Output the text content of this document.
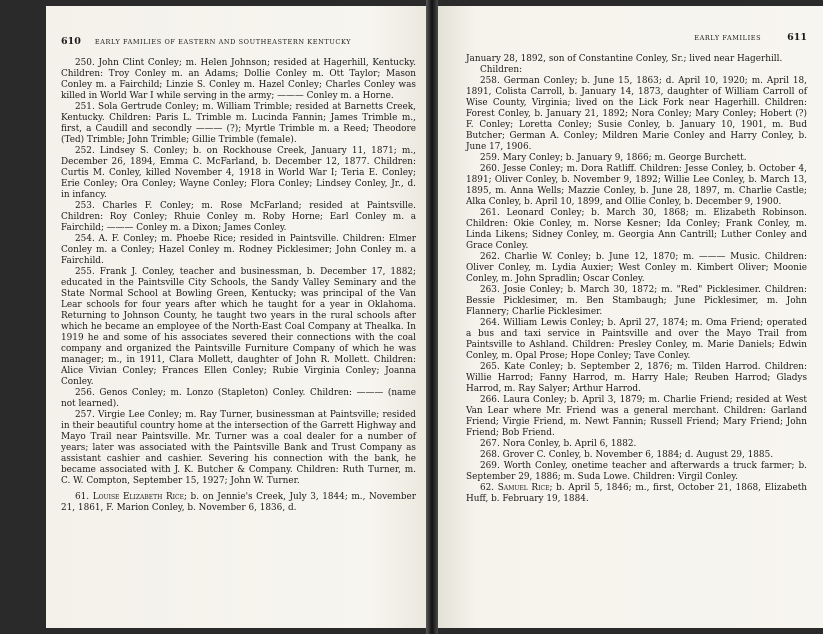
610 EARLY FAMILIES OF EASTERN AND SOUTHEASTERN KENTUCKY

250. John Clint Conley; m. Helen Johnson; resided at Hagerhill, Kentucky. Children: Troy Conley m. an Adams; Dollie Conley m. Ott Taylor; Mason Conley m. a Fairchild; Linzie S. Conley m. Hazel Conley; Charles Conley was killed in World War I while serving in the army; ——— Conley m. a Horne.

251. Sola Gertrude Conley; m. William Trimble; resided at Barnetts Creek, Kentucky. Children: Paris L. Trimble m. Lucinda Fannin; James Trimble m., first, a Caudill and secondly ——— (?); Myrtle Trimble m. a Reed; Theodore (Ted) Trimble; John Trimble; Gillie Trimble (female).

252. Lindsey S. Conley; b. on Rockhouse Creek, January 11, 1871; m., December 26, 1894, Emma C. McFarland, b. December 12, 1877. Children: Curtis M. Conley, killed November 4, 1918 in World War I; Teria E. Conley; Erie Conley; Ora Conley; Wayne Conley; Flora Conley; Lindsey Conley, Jr., d. in infancy.

253. Charles F. Conley; m. Rose McFarland; resided at Paintsville. Children: Roy Conley; Rhuie Conley m. Roby Horne; Earl Conley m. a Fairchild; ——— Conley m. a Dixon; James Conley.

254. A. F. Conley; m. Phoebe Rice; resided in Paintsville. Children: Elmer Conley m. a Conley; Hazel Conley m. Rodney Picklesimer; John Conley m. a Fairchild.

255. Frank J. Conley, teacher and businessman, b. December 17, 1882; educated in the Paintsville City Schools, the Sandy Valley Seminary and the State Normal School at Bowling Green, Kentucky; was principal of the Van Lear schools for four years after which he taught for a year in Oklahoma. Returning to Johnson County, he taught two years in the rural schools after which he became an employee of the North-East Coal Company at Thealka. In 1919 he and some of his associates severed their connections with the coal company and organized the Paintsville Furniture Company of which he was manager; m., in 1911, Clara Mollett, daughter of John R. Mollett. Children: Alice Vivian Conley; Frances Ellen Conley; Rubie Virginia Conley; Joanna Conley.

256. Genos Conley; m. Lonzo (Stapleton) Conley. Children: ——— (name not learned).

257. Virgie Lee Conley; m. Ray Turner, businessman at Paintsville; resided in their beautiful country home at the intersection of the Garrett Highway and Mayo Trail near Paintsville. Mr. Turner was a coal dealer for a number of years; later was associated with the Paintsville Bank and Trust Company as assistant cashier and cashier. Severing his connection with the bank, he became associated with J. K. Butcher & Company. Children: Ruth Turner, m. C. W. Compton, September 15, 1927; John W. Turner.

61. Louise Elizabeth Rice; b. on Jennie's Creek, July 3, 1844; m., November 21, 1861, F. Marion Conley, b. November 6, 1836, d.

EARLY FAMILIES	611

January 28, 1892, son of Constantine Conley, Sr.; lived near Hagerhill.

Children:

258. German Conley; b. June 15, 1863; d. April 10, 1920; m. April 18, 1891, Colista Carroll, b. January 14, 1873, daughter of William Carroll of Wise County, Virginia; lived on the Lick Fork near Hagerhill. Children: Forest Conley, b. January 21, 1892; Nora Conley; Mary Conley; Hobert (?) F. Conley; Loretta Conley; Susie Conley, b. January 10, 1901, m. Bud Butcher; German A. Conley; Mildren Marie Conley and Harry Conley, b. June 17, 1906.

259. Mary Conley; b. January 9, 1866; m. George Burchett.

260. Jesse Conley; m. Dora Ratliff. Children: Jesse Conley, b. October 4, 1891; Oliver Conley, b. November 9, 1892; Willie Lee Conley, b. March 13, 1895, m. Anna Wells; Mazzie Conley, b. June 28, 1897, m. Charlie Castle; Alka Conley, b. April 10, 1899, and Ollie Conley, b. December 9, 1900.

261. Leonard Conley; b. March 30, 1868; m. Elizabeth Robinson. Children: Okie Conley, m. Norse Kesner; Ida Conley; Frank Conley, m. Linda Likens; Sidney Conley, m. Georgia Ann Cantrill; Luther Conley and Grace Conley.

262. Charlie W. Conley; b. June 12, 1870; m. ——— Music. Children: Oliver Conley, m. Lydia Auxier; West Conley m. Kimbert Oliver; Moonie Conley, m. John Spradlin; Oscar Conley.

263. Josie Conley; b. March 30, 1872; m. "Red" Picklesimer. Children: Bessie Picklesimer, m. Ben Stambaugh; June Picklesimer, m. John Flannery; Charlie Picklesimer.

264. William Lewis Conley; b. April 27, 1874; m. Oma Friend; operated a bus and taxi service in Paintsville and over the Mayo Trail from Paintsville to Ashland. Children: Presley Conley, m. Marie Daniels; Edwin Conley, m. Opal Prose; Hope Conley; Tave Conley.

265. Kate Conley; b. September 2, 1876; m. Tilden Harrod. Children: Willie Harrod; Fanny Harrod, m. Harry Hale; Reuben Harrod; Gladys Harrod, m. Ray Salyer; Arthur Harrod.

266. Laura Conley; b. April 3, 1879; m. Charlie Friend; resided at West Van Lear where Mr. Friend was a general merchant. Children: Garland Friend; Virgie Friend, m. Newt Fannin; Russell Friend; Mary Friend; John Friend; Bob Friend.

267. Nora Conley, b. April 6, 1882.

268. Grover C. Conley, b. November 6, 1884; d. August 29, 1885.

269. Worth Conley, onetime teacher and afterwards a truck farmer; b. September 29, 1886; m. Suda Lowe. Children: Virgil Conley.

62. Samuel Rice; b. April 5, 1846; m., first, October 21, 1868, Elizabeth Huff, b. February 19, 1884.
